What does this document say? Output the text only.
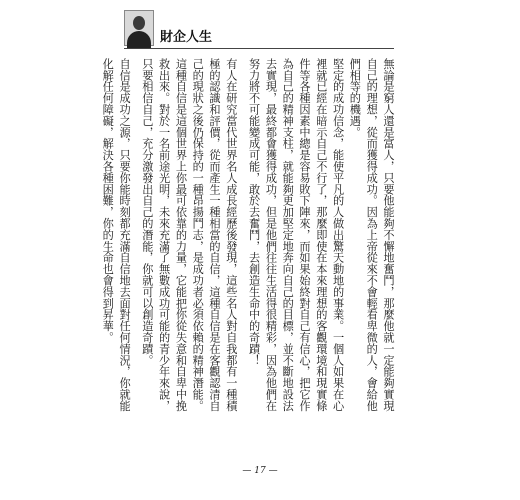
財企人生

無論是窮人還是富人，只要他能夠不懈地奮鬥，那麼他就一定能夠實現自己的理想，從而獲得成功。因為上帝從來不會輕看卑微的人，會給他們相等的機遇。

堅定的成功信念，能使平凡的人做出驚天動地的事業。一個人如果在心裡就已經在暗示自己不行了，那麼即使在本來理想的客觀環境和現實條件等各種因素中總是容易敗下陣來，而如果始終對自己有信心，把它作為自己的精神支柱，就能夠更加堅定地奔向自己的目標，並不斷地設法去實現，最終都會獲得成功，但是他們往往生活得很精彩，因為他們在努力將不可能變成可能，敢於去奮鬥，去創造生命中的奇蹟！

有人在研究當代世界名人成長經歷後發現，這些名人對自我都有一種積極的認識和評價，從而產生一種相當的自信，這種自信是在客觀認清自己的現狀之後仍保持的一種昂揚鬥志，是成功者必須依賴的精神潛能。這種自信是這個世界上你最可依靠的力量，它能把你從失意和自卑中挽救出來。對於一名前途光明，未來充滿了無數成功可能的青少年來說，只要相信自己，充分激發出自己的潛能，你就可以創造奇蹟。

自信是成功之源，只要你能時刻都充滿自信地去面對任何情況，你就能化解任何障礙，解決各種困難，你的生命也會得到昇華。

— 17 —
